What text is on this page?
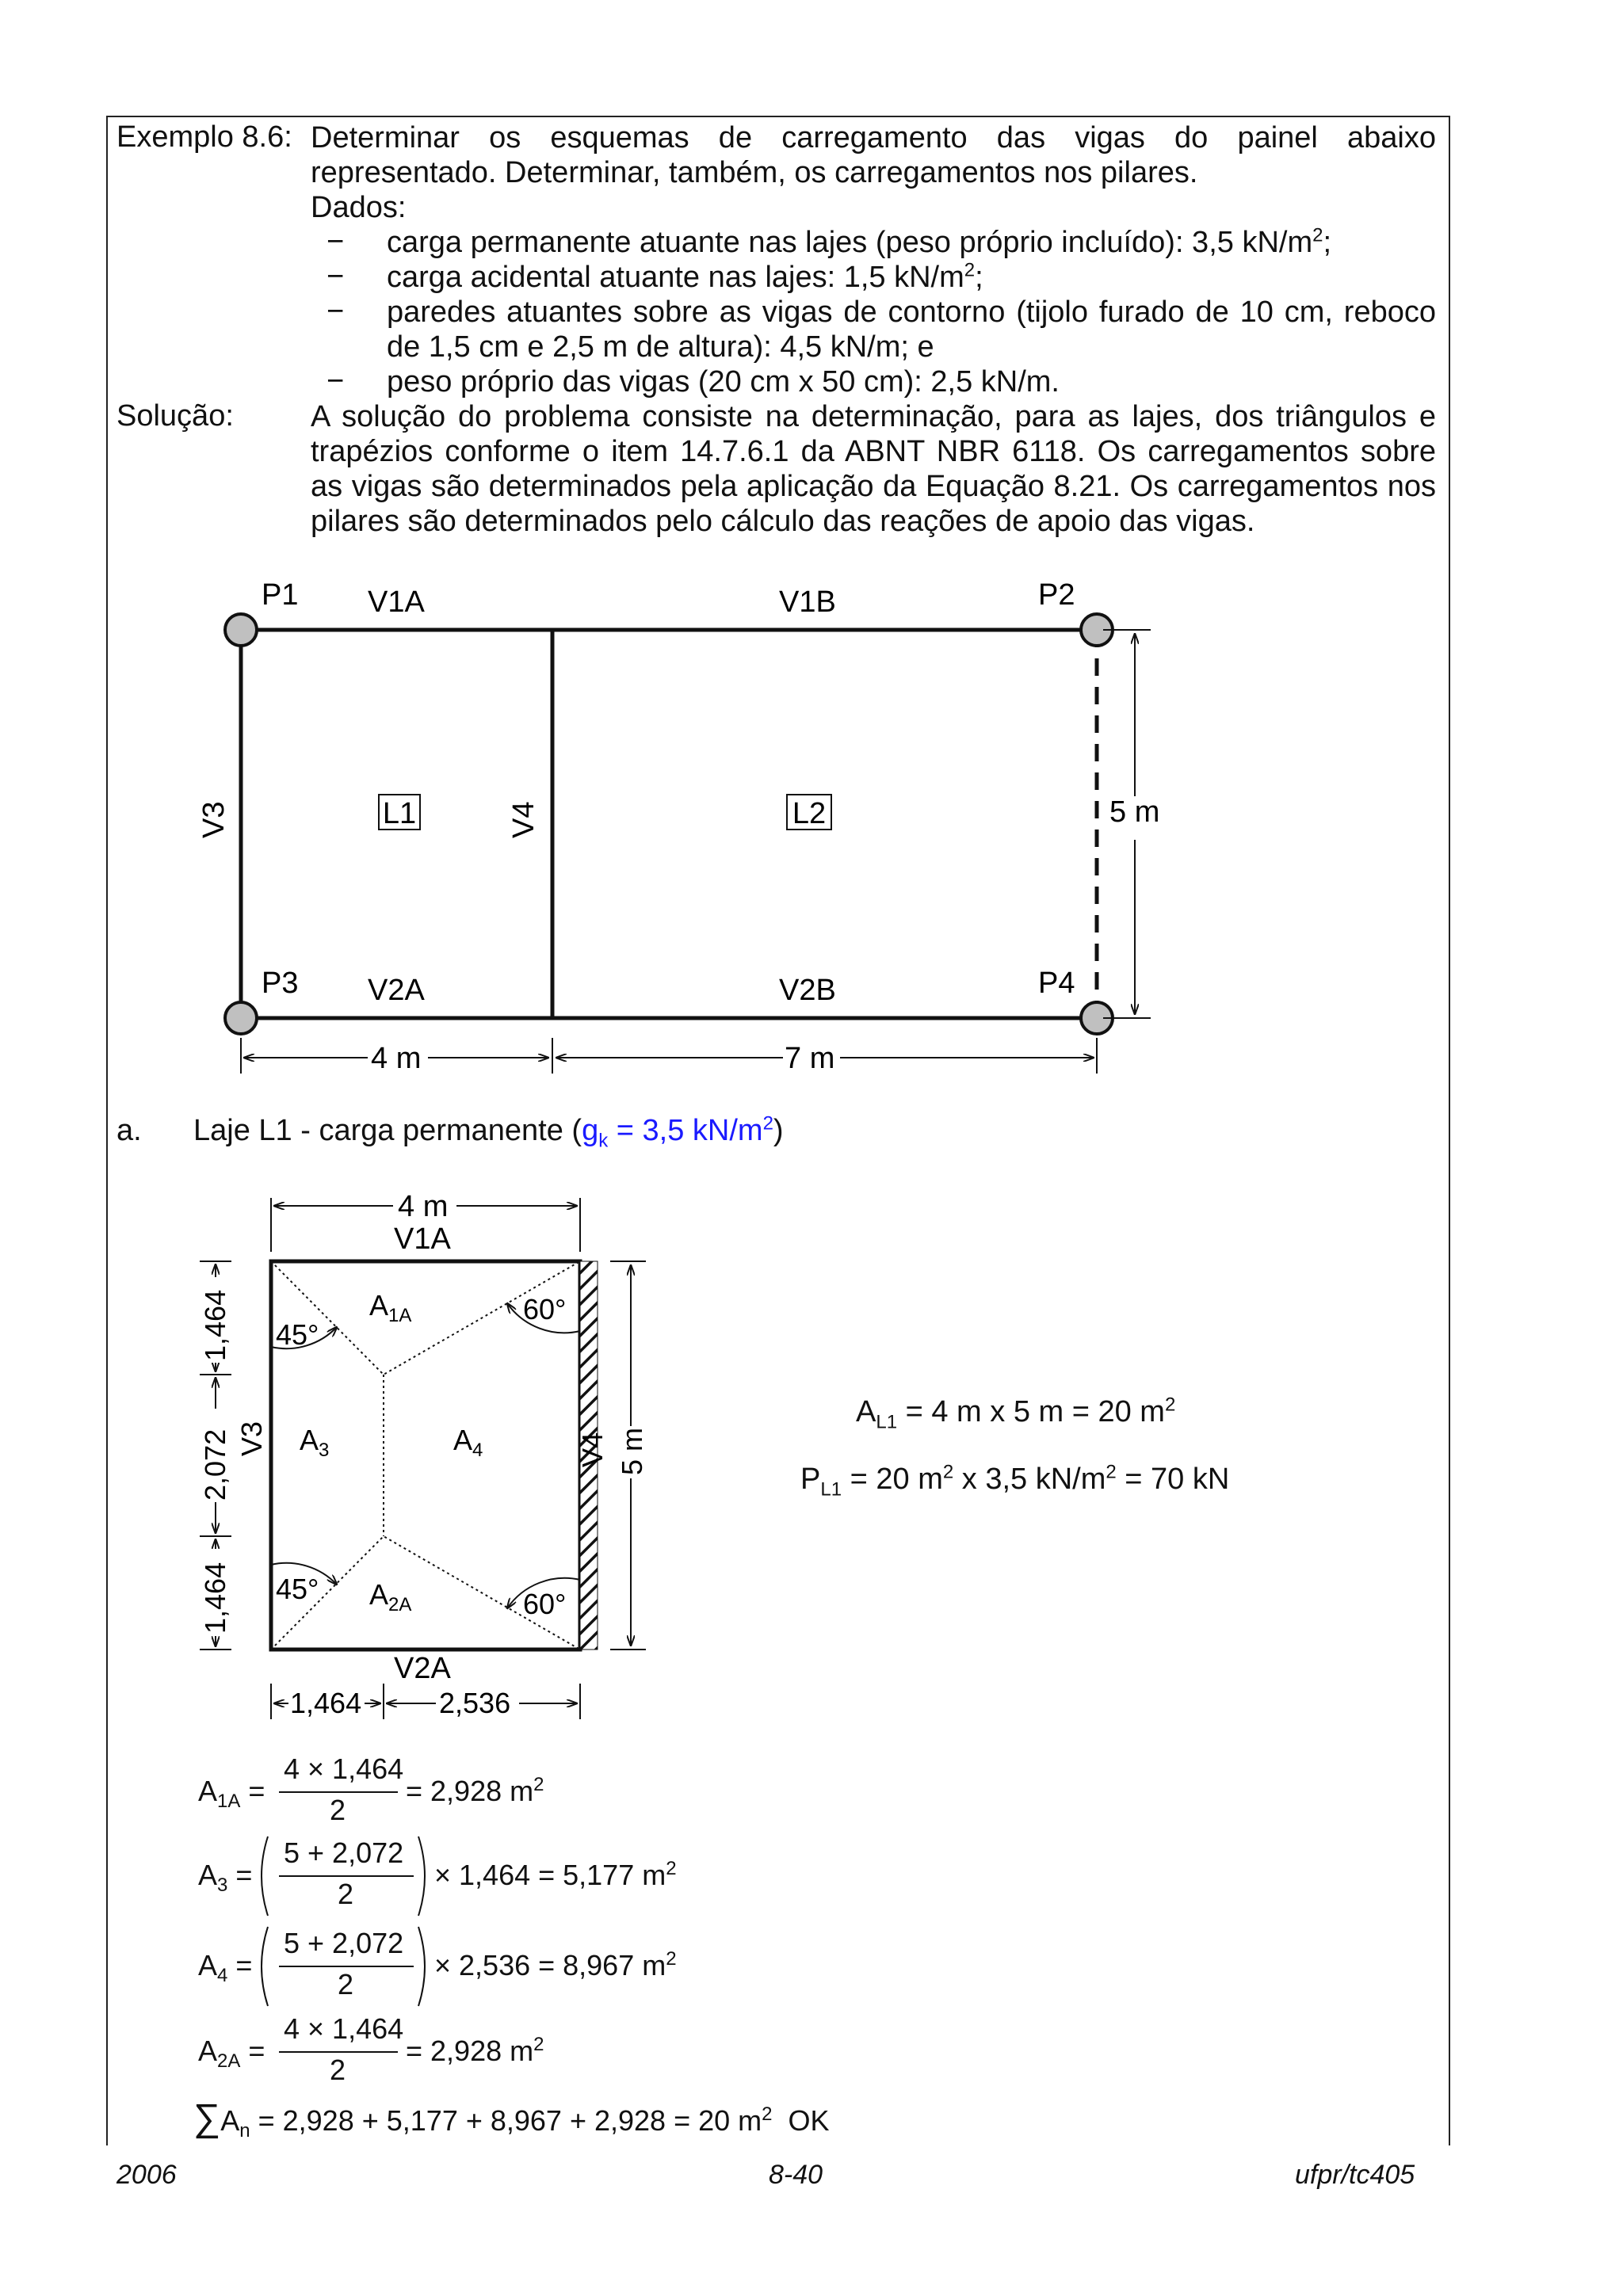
Exemplo 8.6: Determinar os esquemas de carregamento das vigas do painel abaixo
representado. Determinar, também, os carregamentos nos pilares.
Dados:
− carga permanente atuante nas lajes (peso próprio incluído): 3,5 $kN/m^2$;
− carga acidental atuante nas lajes: 1,5 $kN/m^2$;
− paredes atuantes sobre as vigas de contorno (tijolo furado de 10 cm, reboco
de 1,5 cm e 2,5 m de altura): 4,5 kN/m; e
− peso próprio das vigas (20 cm x 50 cm): 2,5 kN/m.
Solução:	A solução do problema consiste na determinação, para as lajes, dos triângulos e
trapézios conforme o item 14.7.6.1 da ABNT NBR 6118. Os carregamentos sobre
as vigas são determinados pela aplicação da Equação 8.21. Os carregamentos nos
pilares são determinados pelo cálculo das reações de apoio das vigas.
P1	P2
P3	P4
V1A	V1B
V2A	V2B
V3	V4
L1	L2	5 m
4 m	7 m
4 m
V1A
45°
45°
60°
60°
$A_{1A}$
$A_{2A}$
$A_3$	$A_4$
V3	V4
V2A
5 m
1,464
2,072
1,464
1,464	2,536
a. Laje L1 - carga permanente ($g_k = 3,5$ $kN/m^2$)
$A_{L1} = 4$ m x 5 m = 20 $m^2$
$P_{L1} = 20$ $m^2$ x 3,5 $kN/m^2 = 70$ kN
$A_{1A}$ =
4 × 1,464
2
= 2,928 $m^2$
$A_3$ =
5 + 2,072
2
× 1,464 = 5,177 $m^2$
$A_4$ =
5 + 2,072
2
× 2,536 = 8,967 $m^2$
$A_{2A}$ =
4 × 1,464
2
= 2,928 $m^2$
$\sum A_n = 2,928 + 5,177 + 8,967 + 2,928 = 20$ $m^2$ OK
2006	8-40	ufpr/tc405
